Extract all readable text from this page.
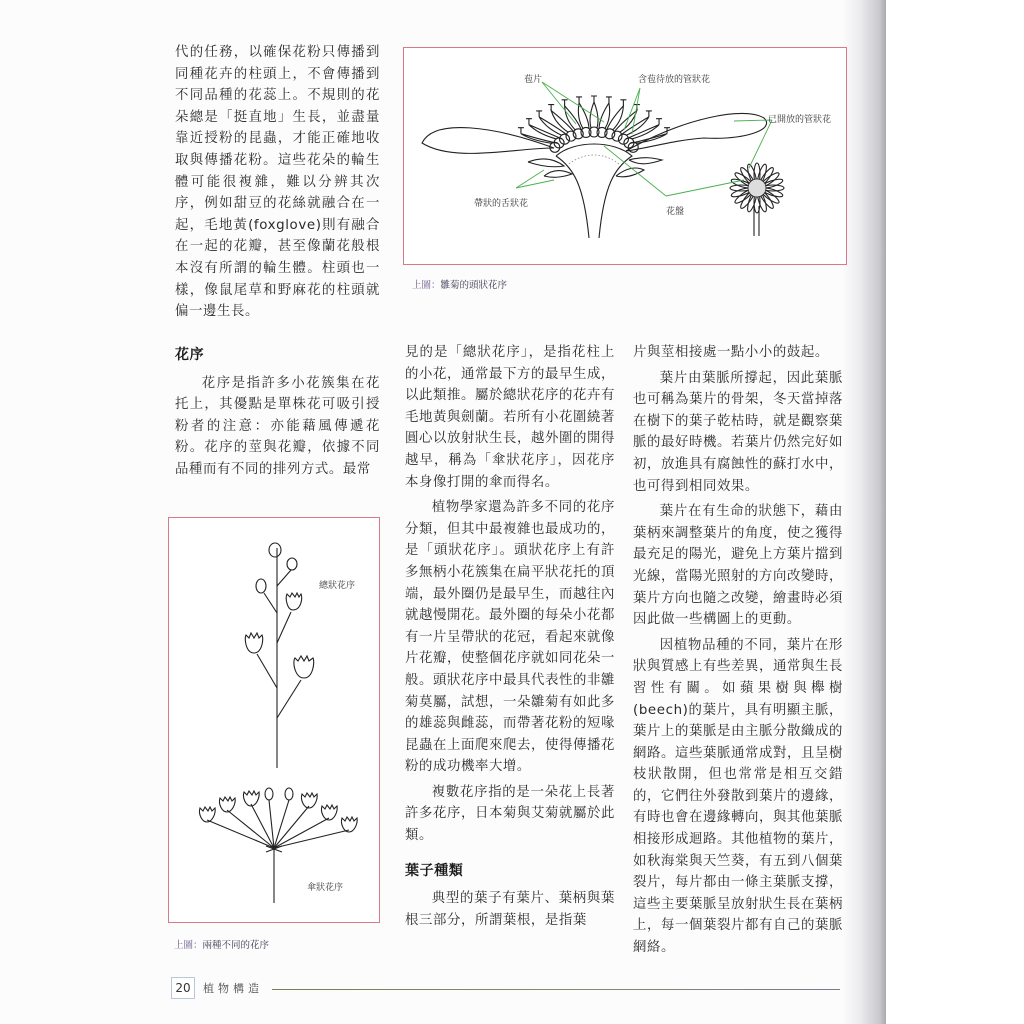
代的任務，以確保花粉只傳播到同種花卉的柱頭上，不會傳播到不同品種的花蕊上。不規則的花朵總是「挺直地」生長，並盡量靠近授粉的昆蟲，才能正確地收取與傳播花粉。這些花朵的輪生體可能很複雜，難以分辨其次序，例如甜豆的花絲就融合在一起，毛地黃(foxglove)則有融合在一起的花瓣，甚至像蘭花般根本沒有所謂的輪生體。柱頭也一樣，像鼠尾草和野麻花的柱頭就偏一邊生長。

花序

花序是指許多小花簇集在花托上，其優點是單株花可吸引授粉者的注意：亦能藉風傳遞花粉。花序的莖與花瓣，依據不同品種而有不同的排列方式。最常

苞片	含苞待放的管狀花
已開放的管狀花
帶狀的舌狀花
花盤
上圖：雛菊的頭狀花序
總狀花序
傘狀花序
上圖：兩種不同的花序

見的是「總狀花序」，是指花柱上的小花，通常最下方的最早生成，以此類推。屬於總狀花序的花卉有毛地黃與劍蘭。若所有小花圍繞著圓心以放射狀生長，越外圍的開得越早，稱為「傘狀花序」，因花序本身像打開的傘而得名。

植物學家還為許多不同的花序分類，但其中最複雜也最成功的，是「頭狀花序」。頭狀花序上有許多無柄小花簇集在扁平狀花托的頂端，最外圈仍是最早生，而越往內就越慢開花。最外圈的每朵小花都有一片呈帶狀的花冠，看起來就像片花瓣，使整個花序就如同花朵一般。頭狀花序中最具代表性的非雛菊莫屬，試想，一朵雛菊有如此多的雄蕊與雌蕊，而帶著花粉的短喙昆蟲在上面爬來爬去，使得傳播花粉的成功機率大增。

複數花序指的是一朵花上長著許多花序，日本菊與艾菊就屬於此類。

葉子種類

典型的葉子有葉片、葉柄與葉根三部分，所謂葉根，是指葉

片與莖相接處一點小小的鼓起。

葉片由葉脈所撐起，因此葉脈也可稱為葉片的骨架，冬天當掉落在樹下的葉子乾枯時，就是觀察葉脈的最好時機。若葉片仍然完好如初，放進具有腐蝕性的蘇打水中，也可得到相同效果。

葉片在有生命的狀態下，藉由葉柄來調整葉片的角度，使之獲得最充足的陽光，避免上方葉片擋到光線，當陽光照射的方向改變時，葉片方向也隨之改變，繪畫時必須因此做一些構圖上的更動。

因植物品種的不同，葉片在形狀與質感上有些差異，通常與生長習性有關。如蘋果樹與櫸樹(beech)的葉片，具有明顯主脈，葉片上的葉脈是由主脈分散織成的網路。這些葉脈通常成對，且呈樹枝狀散開，但也常常是相互交錯的，它們往外發散到葉片的邊緣，有時也會在邊緣轉向，與其他葉脈相接形成迴路。其他植物的葉片，如秋海棠與天竺葵，有五到八個葉裂片，每片都由一條主葉脈支撐，這些主要葉脈呈放射狀生長在葉柄上，每一個葉裂片都有自己的葉脈網絡。

20	植物構造
